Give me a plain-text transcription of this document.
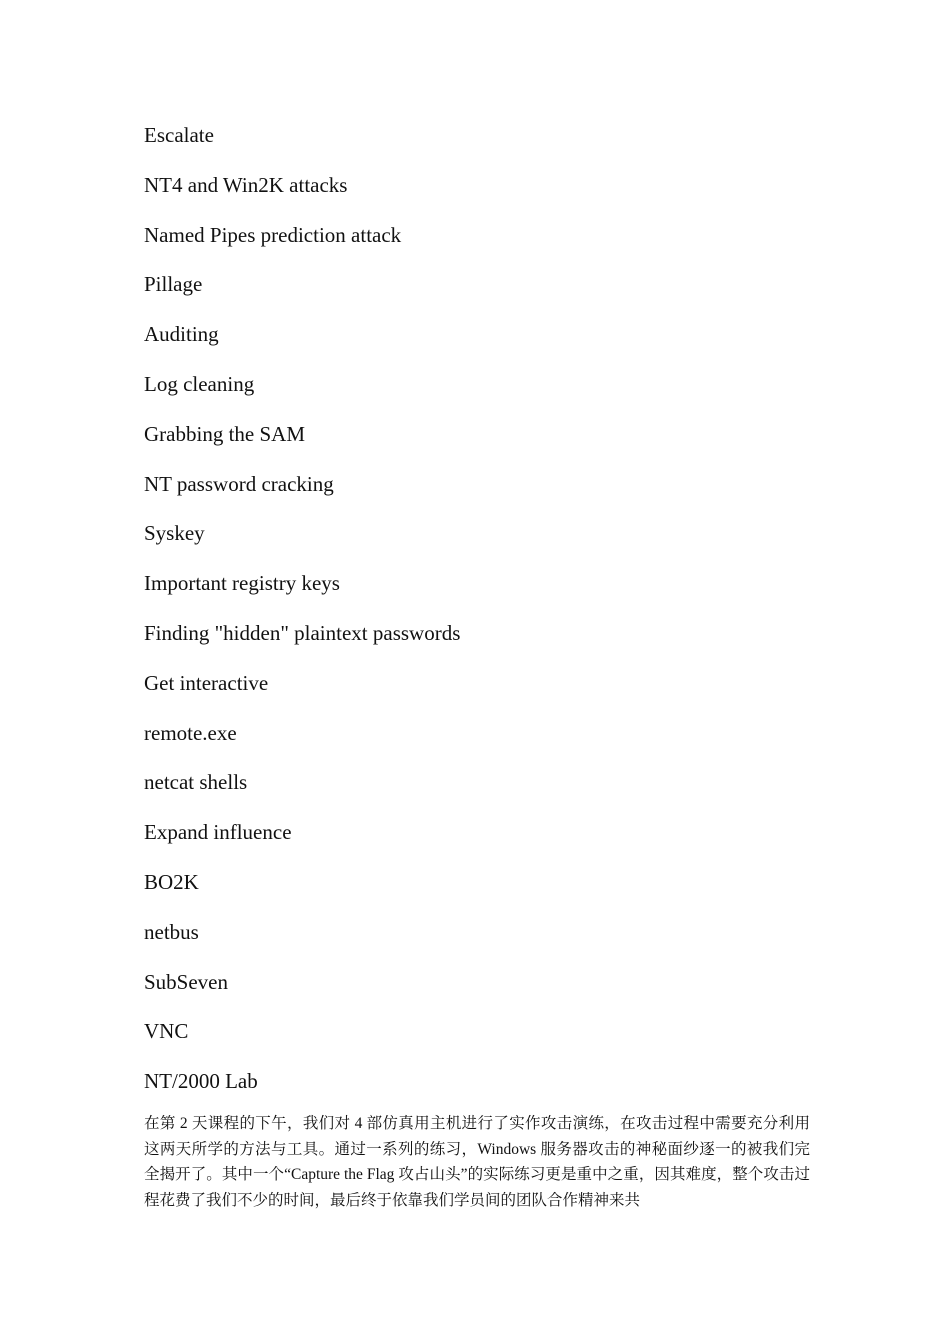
Escalate
NT4 and Win2K attacks
Named Pipes prediction attack
Pillage
Auditing
Log cleaning
Grabbing the SAM
NT password cracking
Syskey
Important registry keys
Finding "hidden" plaintext passwords
Get interactive
remote.exe
netcat shells
Expand influence
BO2K
netbus
SubSeven
VNC
NT/2000 Lab

在第 2 天课程的下午，我们对 4 部仿真用主机进行了实作攻击演练，在攻击过程中需要充分利用这两天所学的方法与工具。通过一系列的练习，Windows 服务器攻击的神秘面纱逐一的被我们完全揭开了。其中一个“Capture the Flag 攻占山头”的实际练习更是重中之重，因其难度，整个攻击过程花费了我们不少的时间，最后终于依靠我们学员间的团队合作精神来共
